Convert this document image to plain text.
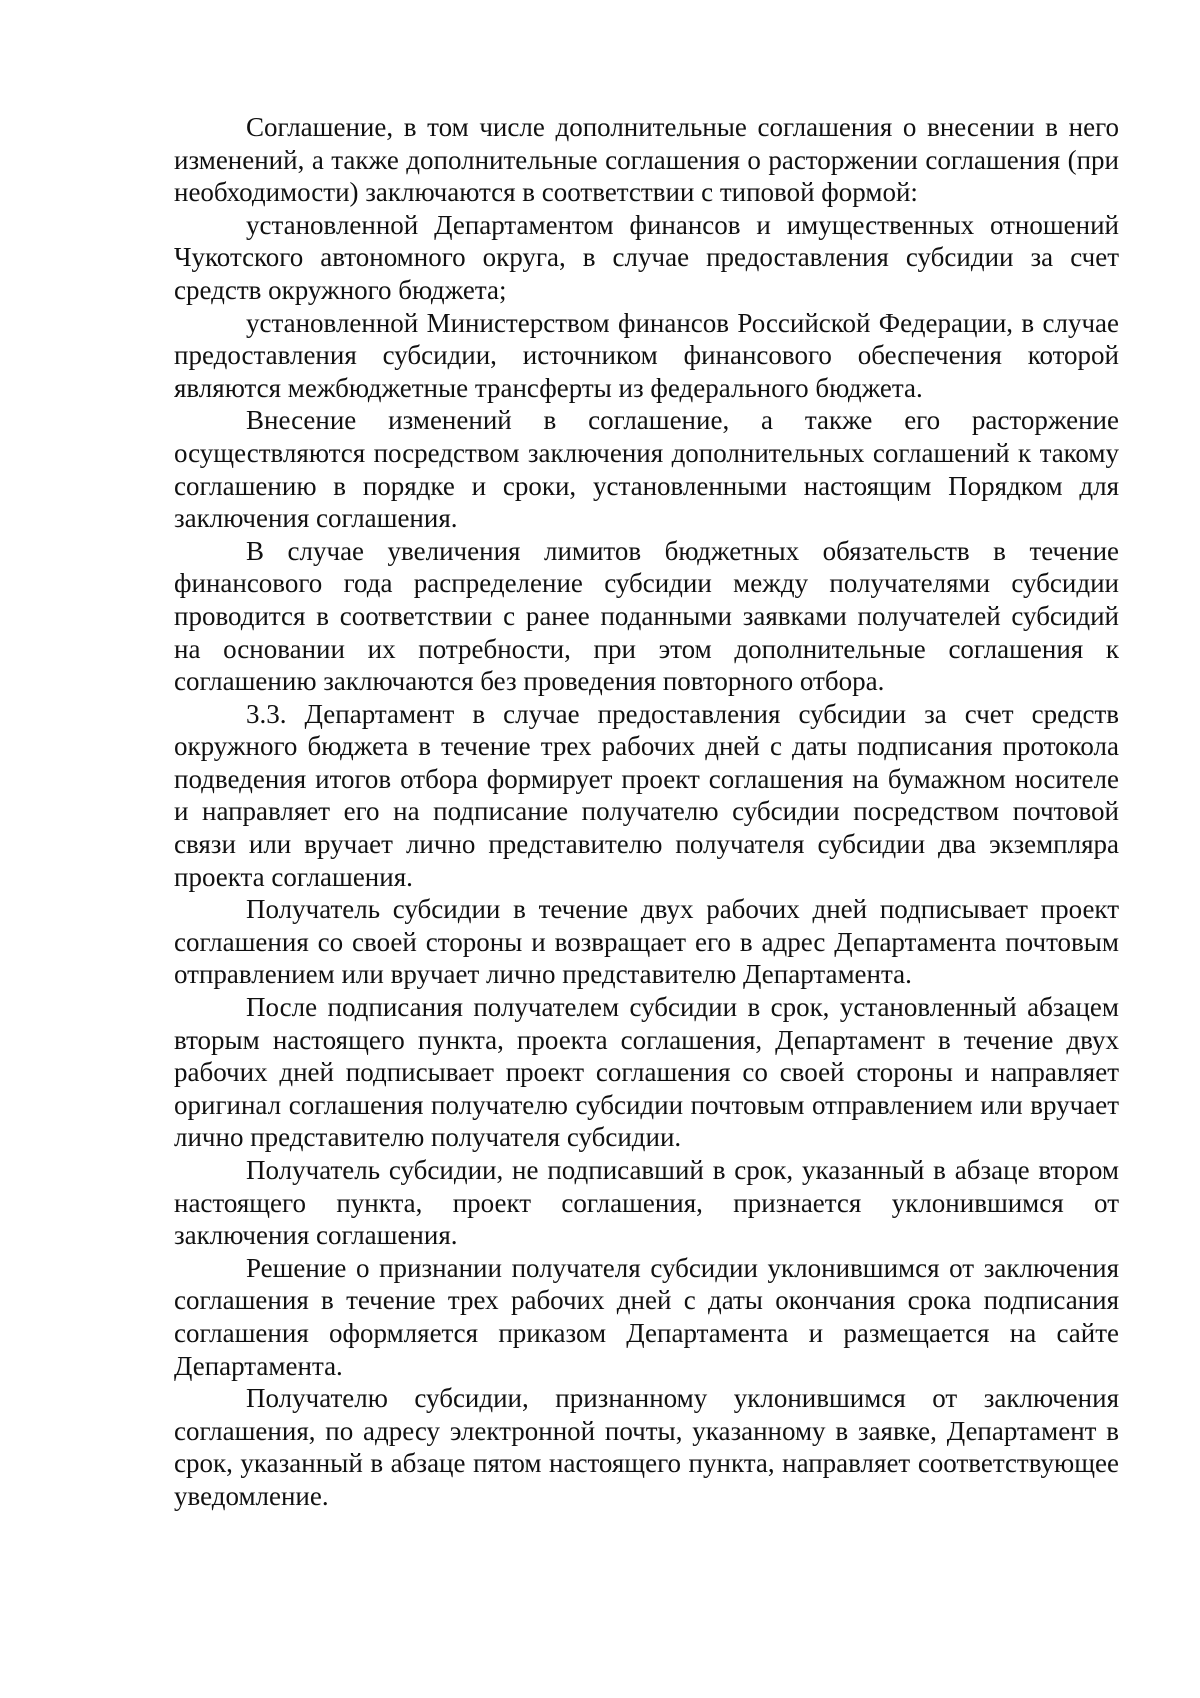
Соглашение, в том числе дополнительные соглашения о внесении в него изменений, а также дополнительные соглашения о расторжении соглашения (при необходимости) заключаются в соответствии с типовой формой:

установленной Департаментом финансов и имущественных отношений Чукотского автономного округа, в случае предоставления субсидии за счет средств окружного бюджета;

установленной Министерством финансов Российской Федерации, в случае предоставления субсидии, источником финансового обеспечения которой являются межбюджетные трансферты из федерального бюджета.

Внесение изменений в соглашение, а также его расторжение осуществляются посредством заключения дополнительных соглашений к такому соглашению в порядке и сроки, установленными настоящим Порядком для заключения соглашения.

В случае увеличения лимитов бюджетных обязательств в течение финансового года распределение субсидии между получателями субсидии проводится в соответствии с ранее поданными заявками получателей субсидий на основании их потребности, при этом дополнительные соглашения к соглашению заключаются без проведения повторного отбора.

3.3. Департамент в случае предоставления субсидии за счет средств окружного бюджета в течение трех рабочих дней с даты подписания протокола подведения итогов отбора формирует проект соглашения на бумажном носителе и направляет его на подписание получателю субсидии посредством почтовой связи или вручает лично представителю получателя субсидии два экземпляра проекта соглашения.

Получатель субсидии в течение двух рабочих дней подписывает проект соглашения со своей стороны и возвращает его в адрес Департамента почтовым отправлением или вручает лично представителю Департамента.

После подписания получателем субсидии в срок, установленный абзацем вторым настоящего пункта, проекта соглашения, Департамент в течение двух рабочих дней подписывает проект соглашения со своей стороны и направляет оригинал соглашения получателю субсидии почтовым отправлением или вручает лично представителю получателя субсидии.

Получатель субсидии, не подписавший в срок, указанный в абзаце втором настоящего пункта, проект соглашения, признается уклонившимся от заключения соглашения.

Решение о признании получателя субсидии уклонившимся от заключения соглашения в течение трех рабочих дней с даты окончания срока подписания соглашения оформляется приказом Департамента и размещается на сайте Департамента.

Получателю субсидии, признанному уклонившимся от заключения соглашения, по адресу электронной почты, указанному в заявке, Департамент в срок, указанный в абзаце пятом настоящего пункта, направляет соответствующее уведомление.
